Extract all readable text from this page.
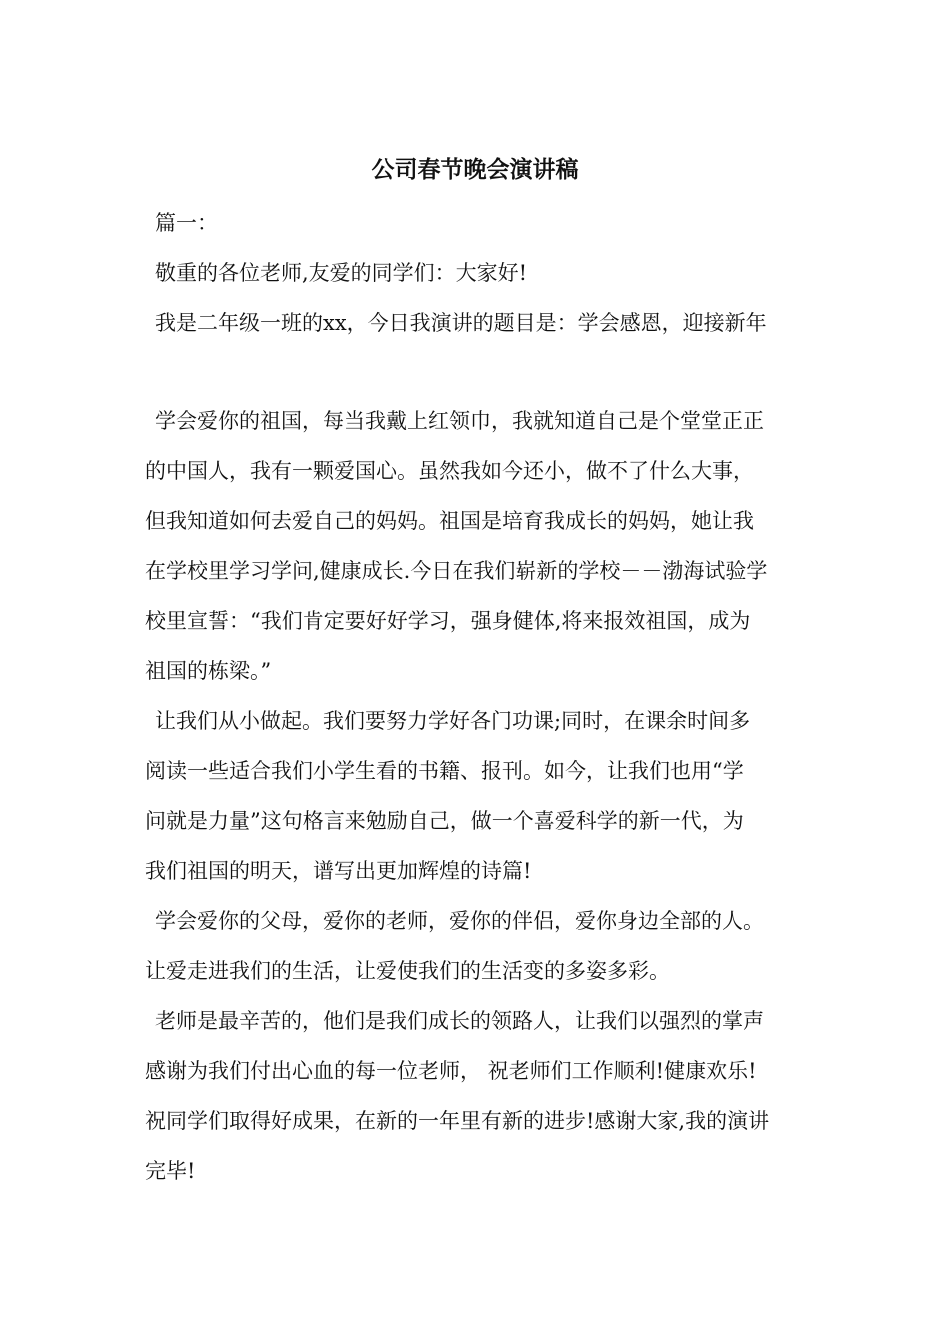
公司春节晚会演讲稿

篇一：

敬重的各位老师,友爱的同学们：大家好!

我是二年级一班的xx，今日我演讲的题目是：学会感恩，迎接新年

学会爱你的祖国，每当我戴上红领巾，我就知道自己是个堂堂正正

的中国人，我有一颗爱国心。虽然我如今还小，做不了什么大事，

但我知道如何去爱自己的妈妈。祖国是培育我成长的妈妈，她让我

在学校里学习学问,健康成长.今日在我们崭新的学校－－渤海试验学

校里宣誓：“我们肯定要好好学习，强身健体,将来报效祖国，成为

祖国的栋梁。”

让我们从小做起。我们要努力学好各门功课;同时，在课余时间多

阅读一些适合我们小学生看的书籍、报刊。如今，让我们也用“学

问就是力量”这句格言来勉励自己，做一个喜爱科学的新一代，为

我们祖国的明天，谱写出更加辉煌的诗篇!

学会爱你的父母，爱你的老师，爱你的伴侣，爱你身边全部的人。

让爱走进我们的生活，让爱使我们的生活变的多姿多彩。

老师是最辛苦的，他们是我们成长的领路人，让我们以强烈的掌声

感谢为我们付出心血的每一位老师， 祝老师们工作顺利!健康欢乐!

祝同学们取得好成果，在新的一年里有新的进步!感谢大家,我的演讲

完毕!
